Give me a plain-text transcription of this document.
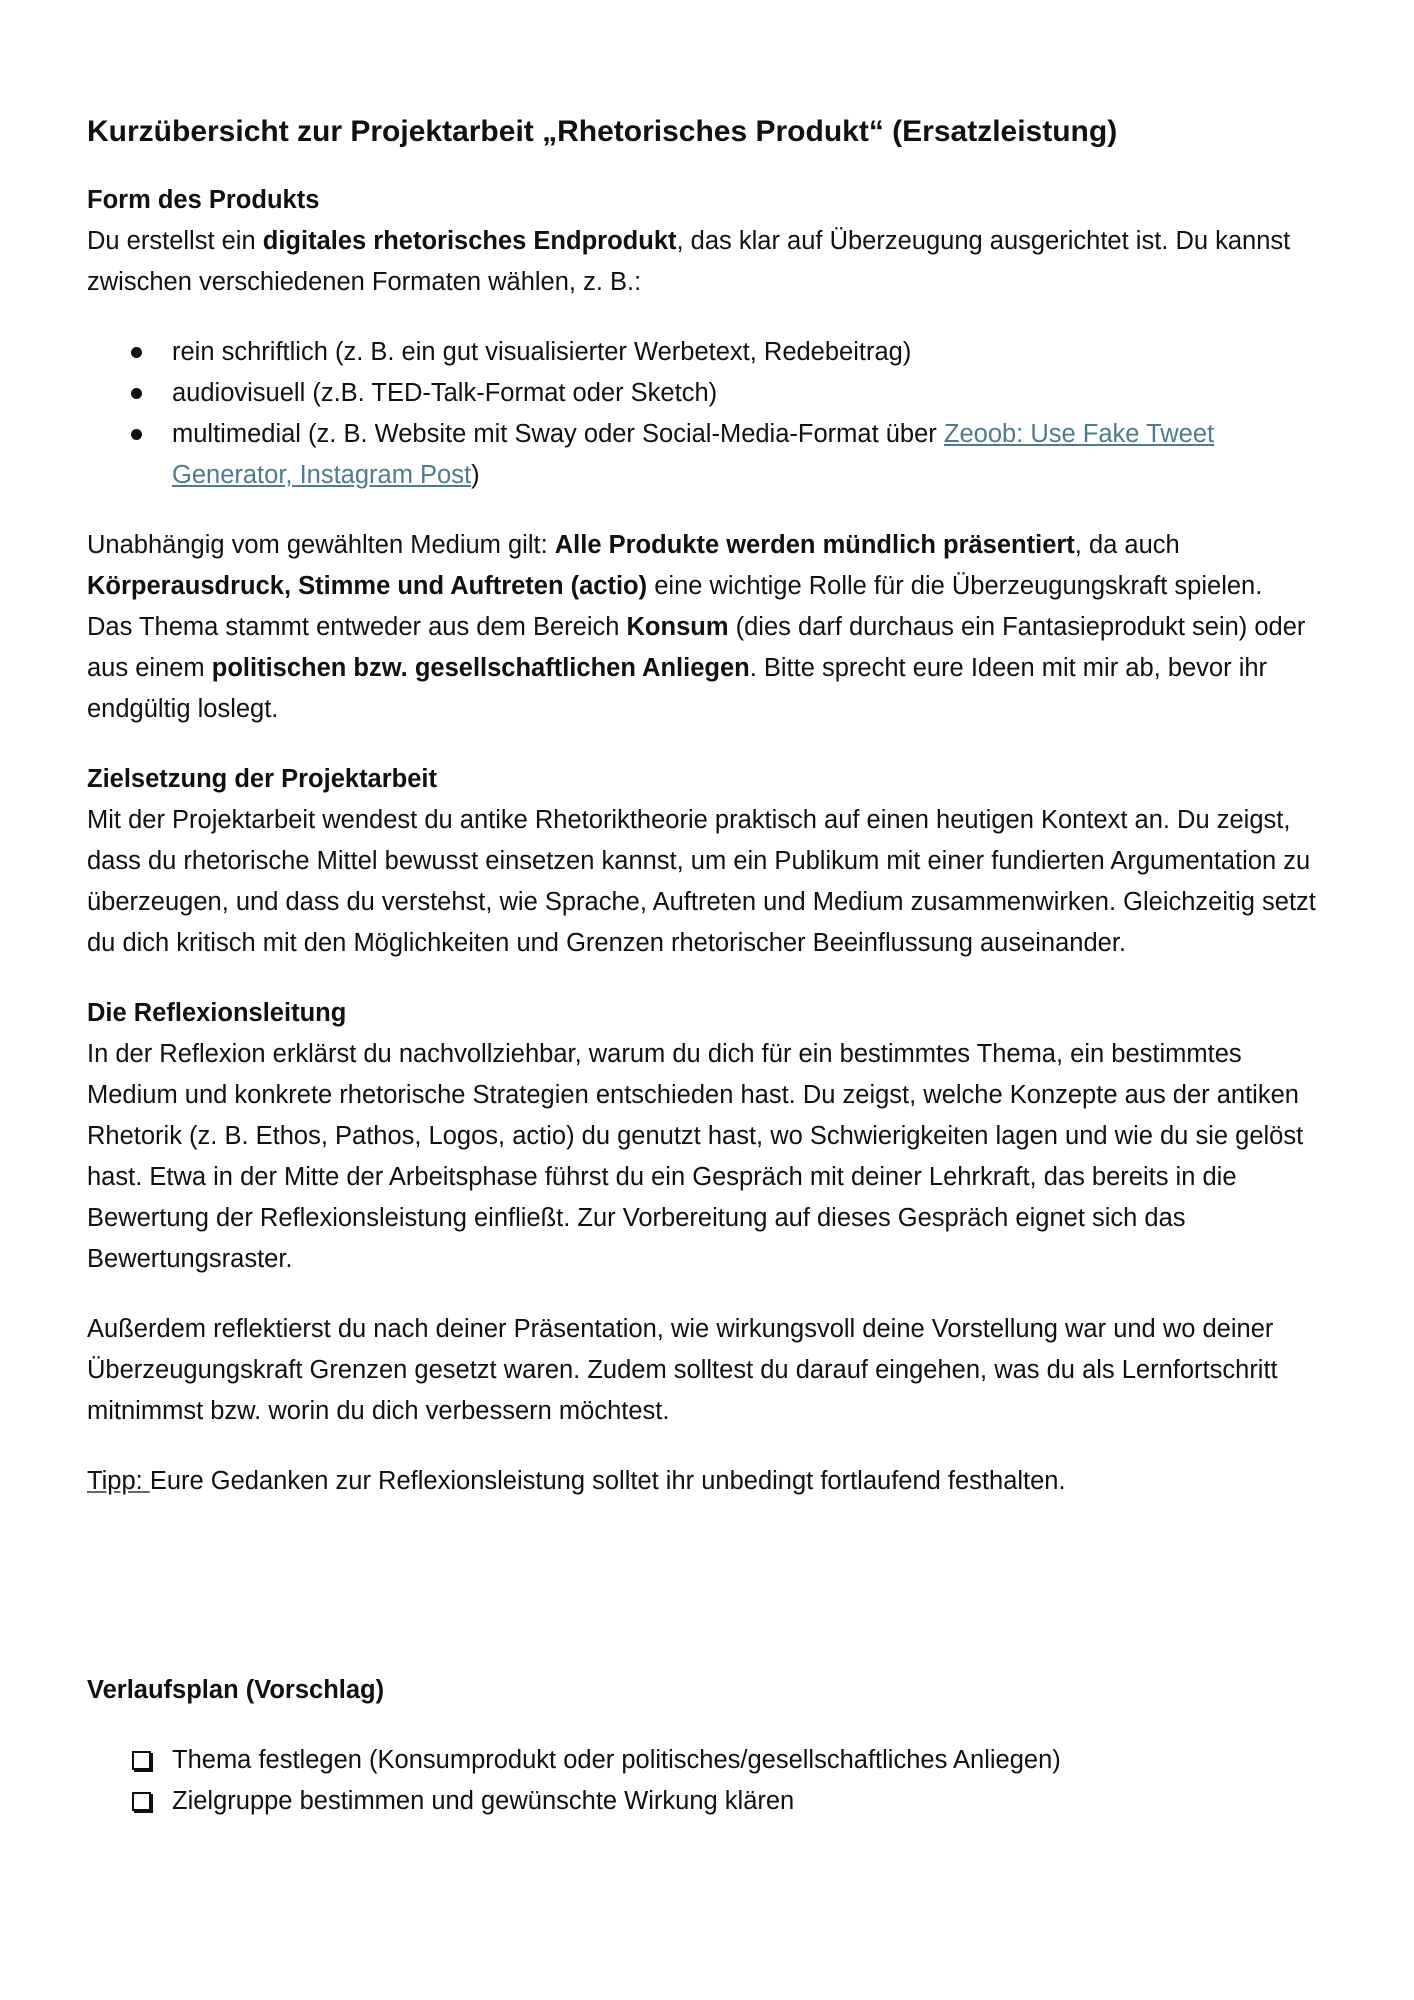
Kurzübersicht zur Projektarbeit „Rhetorisches Produkt“ (Ersatzleistung)

Form des Produkts

Du erstellst ein digitales rhetorisches Endprodukt, das klar auf Überzeugung ausgerichtet ist. Du kannst zwischen verschiedenen Formaten wählen, z. B.:

rein schriftlich (z. B. ein gut visualisierter Werbetext, Redebeitrag)
audiovisuell (z.B. TED-Talk-Format oder Sketch)
multimedial (z. B. Website mit Sway oder Social-Media-Format über Zeoob: Use Fake Tweet Generator, Instagram Post)

Unabhängig vom gewählten Medium gilt: Alle Produkte werden mündlich präsentiert, da auch Körperausdruck, Stimme und Auftreten (actio) eine wichtige Rolle für die Überzeugungskraft spielen.

Das Thema stammt entweder aus dem Bereich Konsum (dies darf durchaus ein Fantasieprodukt sein) oder aus einem politischen bzw. gesellschaftlichen Anliegen. Bitte sprecht eure Ideen mit mir ab, bevor ihr endgültig loslegt.

Zielsetzung der Projektarbeit

Mit der Projektarbeit wendest du antike Rhetoriktheorie praktisch auf einen heutigen Kontext an. Du zeigst, dass du rhetorische Mittel bewusst einsetzen kannst, um ein Publikum mit einer fundierten Argumentation zu überzeugen, und dass du verstehst, wie Sprache, Auftreten und Medium zusammenwirken. Gleichzeitig setzt du dich kritisch mit den Möglichkeiten und Grenzen rhetorischer Beeinflussung auseinander.

Die Reflexionsleitung

In der Reflexion erklärst du nachvollziehbar, warum du dich für ein bestimmtes Thema, ein bestimmtes Medium und konkrete rhetorische Strategien entschieden hast. Du zeigst, welche Konzepte aus der antiken Rhetorik (z. B. Ethos, Pathos, Logos, actio) du genutzt hast, wo Schwierigkeiten lagen und wie du sie gelöst hast. Etwa in der Mitte der Arbeitsphase führst du ein Gespräch mit deiner Lehrkraft, das bereits in die Bewertung der Reflexionsleistung einfließt. Zur Vorbereitung auf dieses Gespräch eignet sich das Bewertungsraster.

Außerdem reflektierst du nach deiner Präsentation, wie wirkungsvoll deine Vorstellung war und wo deiner Überzeugungskraft Grenzen gesetzt waren. Zudem solltest du darauf eingehen, was du als Lernfortschritt mitnimmst bzw. worin du dich verbessern möchtest.

Tipp: Eure Gedanken zur Reflexionsleistung solltet ihr unbedingt fortlaufend festhalten.

Verlaufsplan (Vorschlag)

Thema festlegen (Konsumprodukt oder politisches/gesellschaftliches Anliegen)
Zielgruppe bestimmen und gewünschte Wirkung klären
